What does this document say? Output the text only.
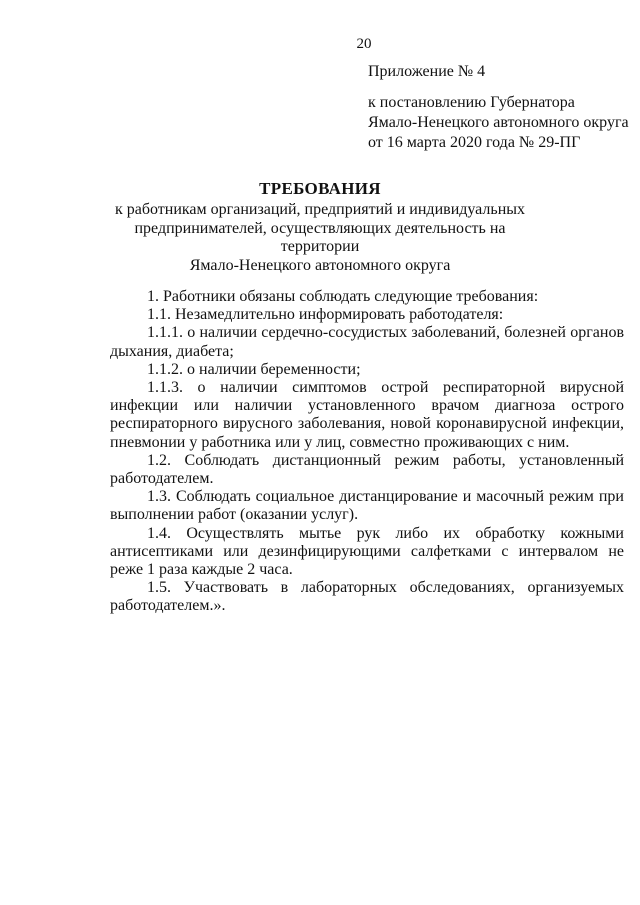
20
Приложение № 4
к постановлению Губернатора
Ямало-Ненецкого автономного округа
от 16 марта 2020 года № 29-ПГ
ТРЕБОВАНИЯ
к работникам организаций, предприятий и индивидуальных
предпринимателей, осуществляющих деятельность на территории
Ямало-Ненецкого автономного округа

1. Работники обязаны соблюдать следующие требования:

1.1. Незамедлительно информировать работодателя:

1.1.1. о наличии сердечно-сосудистых заболеваний, болезней органов дыхания, диабета;

1.1.2. о наличии беременности;

1.1.3. о наличии симптомов острой респираторной вирусной инфекции или наличии установленного врачом диагноза острого респираторного вирусного заболевания, новой коронавирусной инфекции, пневмонии у работника или у лиц, совместно проживающих с ним.

1.2. Соблюдать дистанционный режим работы, установленный работодателем.

1.3. Соблюдать социальное дистанцирование и масочный режим при выполнении работ (оказании услуг).

1.4. Осуществлять мытье рук либо их обработку кожными антисептиками или дезинфицирующими салфетками с интервалом не реже 1 раза каждые 2 часа.

1.5. Участвовать в лабораторных обследованиях, организуемых работодателем.».
